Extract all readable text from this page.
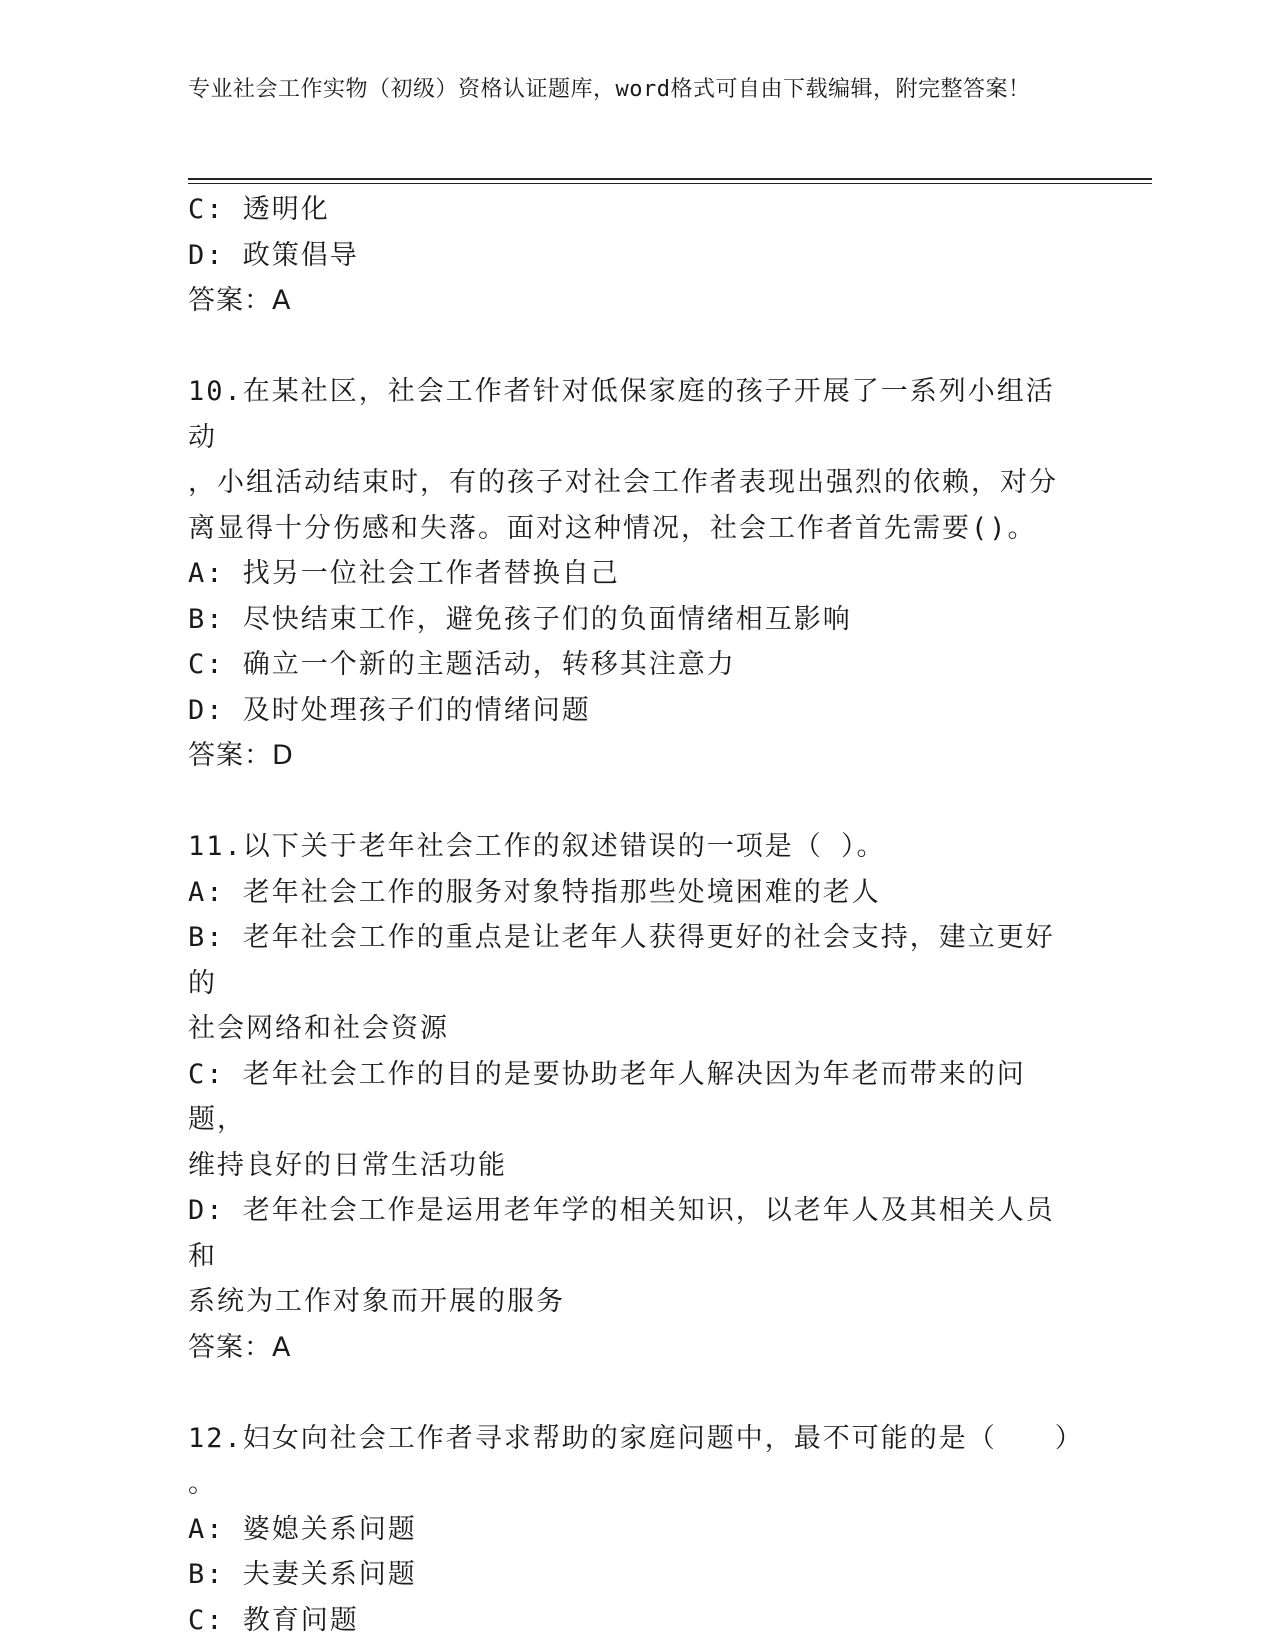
专业社会工作实物（初级）资格认证题库，word格式可自由下载编辑，附完整答案！
C: 透明化
D: 政策倡导
答案：A
10.在某社区，社会工作者针对低保家庭的孩子开展了一系列小组活动
，小组活动结束时，有的孩子对社会工作者表现出强烈的依赖，对分
离显得十分伤感和失落。面对这种情况，社会工作者首先需要()。
A: 找另一位社会工作者替换自己
B: 尽快结束工作，避免孩子们的负面情绪相互影响
C: 确立一个新的主题活动，转移其注意力
D: 及时处理孩子们的情绪问题
答案：D
11.以下关于老年社会工作的叙述错误的一项是（ ）。
A: 老年社会工作的服务对象特指那些处境困难的老人
B: 老年社会工作的重点是让老年人获得更好的社会支持，建立更好的
社会网络和社会资源
C: 老年社会工作的目的是要协助老年人解决因为年老而带来的问题，
维持良好的日常生活功能
D: 老年社会工作是运用老年学的相关知识，以老年人及其相关人员和
系统为工作对象而开展的服务
答案：A
12.妇女向社会工作者寻求帮助的家庭问题中，最不可能的是（　　）
。
A: 婆媳关系问题
B: 夫妻关系问题
C: 教育问题
